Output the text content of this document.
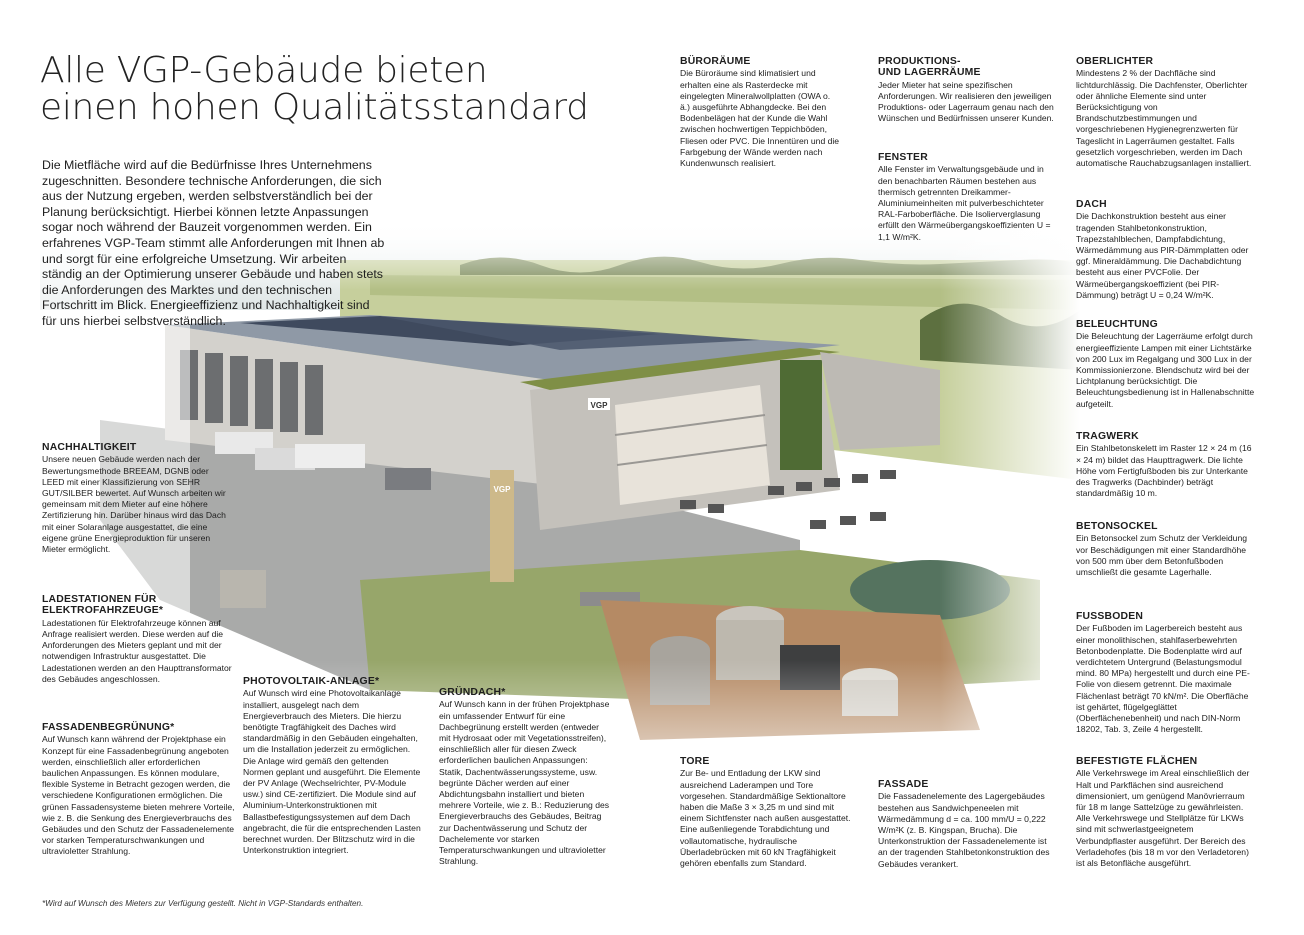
VGP
VGP
Alle VGP-Gebäude bieten
einen hohen Qualitätsstandard

Die Mietfläche wird auf die Bedürfnisse Ihres Unternehmens zugeschnitten. Besondere technische Anforderungen, die sich aus der Nutzung ergeben, werden selbstverständlich bei der Planung berücksichtigt. Hierbei können letzte Anpassungen sogar noch während der Bauzeit vorgenommen werden. Ein erfahrenes VGP-Team stimmt alle Anforderungen mit Ihnen ab und sorgt für eine erfolgreiche Umsetzung. Wir arbeiten ständig an der Optimierung unserer Gebäude und haben stets die Anforderungen des Marktes und den technischen Fortschritt im Blick. Energieeffizienz und Nachhaltigkeit sind für uns hierbei selbstverständlich.

BÜRORÄUME

Die Büroräume sind klimatisiert und erhalten eine als Rasterdecke mit eingelegten Mineralwollplatten (OWA o. ä.) ausgeführte Abhangdecke. Bei den Bodenbelägen hat der Kunde die Wahl zwischen hochwertigen Teppichböden, Fliesen oder PVC. Die Innentüren und die Farbgebung der Wände werden nach Kundenwunsch realisiert.

PRODUKTIONS-
UND LAGERRÄUME

Jeder Mieter hat seine spezifischen Anforderungen. Wir realisieren den jeweiligen Produktions- oder Lagerraum genau nach den Wünschen und Bedürfnissen unserer Kunden.

FENSTER

Alle Fenster im Verwaltungsgebäude und in den benachbarten Räumen bestehen aus thermisch getrennten Dreikammer- Aluminiumeinheiten mit pulverbeschichteter RAL-Farboberfläche. Die Isolierverglasung erfüllt den Wärmeübergangskoeffizienten U = 1,1 W/m²K.

OBERLICHTER

Mindestens 2 % der Dachfläche sind lichtdurchlässig. Die Dachfenster, Oberlichter oder ähnliche Elemente sind unter Berücksichtigung von Brandschutzbestimmungen und vorgeschriebenen Hygienegrenzwerten für Tageslicht in Lagerräumen gestaltet. Falls gesetzlich vorgeschrieben, werden im Dach automatische Rauchabzugsanlagen installiert.

DACH

Die Dachkonstruktion besteht aus einer tragenden Stahlbetonkonstruktion, Trapezstahlblechen, Dampfabdichtung, Wärmedämmung aus PIR-Dämmplatten oder ggf. Mineraldämmung. Die Dachabdichtung besteht aus einer PVCFolie. Der Wärmeübergangskoeffizient (bei PIR-Dämmung) beträgt U = 0,24 W/m²K.

BELEUCHTUNG

Die Beleuchtung der Lagerräume erfolgt durch energieeffiziente Lampen mit einer Lichtstärke von 200 Lux im Regalgang und 300 Lux in der Kommissionierzone. Blendschutz wird bei der Lichtplanung berücksichtigt. Die Beleuchtungsbedienung ist in Hallenabschnitte aufgeteilt.

TRAGWERK

Ein Stahlbetonskelett im Raster 12 × 24 m (16 × 24 m) bildet das Haupttragwerk. Die lichte Höhe vom Fertigfußboden bis zur Unterkante des Tragwerks (Dachbinder) beträgt standardmäßig 10 m.

BETONSOCKEL

Ein Betonsockel zum Schutz der Verkleidung vor Beschädigungen mit einer Standardhöhe von 500 mm über dem Betonfußboden umschließt die gesamte Lagerhalle.

FUSSBODEN

Der Fußboden im Lagerbereich besteht aus einer monolithischen, stahlfaserbewehrten Betonbodenplatte. Die Bodenplatte wird auf verdichtetem Untergrund (Belastungsmodul mind. 80 MPa) hergestellt und durch eine PE-Folie von diesem getrennt. Die maximale Flächenlast beträgt 70 kN/m². Die Oberfläche ist gehärtet, flügelgeglättet (Oberflächenebenheit) und nach DIN-Norm 18202, Tab. 3, Zeile 4 hergestellt.

BEFESTIGTE FLÄCHEN

Alle Verkehrswege im Areal einschließlich der Halt und Parkflächen sind ausreichend dimensioniert, um genügend Manövrierraum für 18 m lange Sattelzüge zu gewährleisten. Alle Verkehrswege und Stellplätze für LKWs sind mit schwerlastgeeignetem Verbundpflaster ausgeführt. Der Bereich des Verladehofes (bis 18 m vor den Verladetoren) ist als Betonfläche ausgeführt.

NACHHALTIGKEIT

Unsere neuen Gebäude werden nach der Bewertungsmethode BREEAM, DGNB oder LEED mit einer Klassifizierung von SEHR GUT/SILBER bewertet. Auf Wunsch arbeiten wir gemeinsam mit dem Mieter auf eine höhere Zertifizierung hin. Darüber hinaus wird das Dach mit einer Solaranlage ausgestattet, die eine eigene grüne Energieproduktion für unseren Mieter ermöglicht.

LADESTATIONEN FÜR
ELEKTROFAHRZEUGE*

Ladestationen für Elektrofahrzeuge können auf Anfrage realisiert werden. Diese werden auf die Anforderungen des Mieters geplant und mit der notwendigen Infrastruktur ausgestattet. Die Ladestationen werden an den Haupttransformator des Gebäudes angeschlossen.

FASSADENBEGRÜNUNG*

Auf Wunsch kann während der Projektphase ein Konzept für eine Fassadenbegrünung angeboten werden, einschließlich aller erforderlichen baulichen Anpassungen. Es können modulare, flexible Systeme in Betracht gezogen werden, die verschiedene Konfigurationen ermöglichen. Die grünen Fassadensysteme bieten mehrere Vorteile, wie z. B. die Senkung des Energieverbrauchs des Gebäudes und den Schutz der Fassadenelemente vor starken Temperaturschwankungen und ultravioletter Strahlung.

PHOTOVOLTAIK-ANLAGE*

Auf Wunsch wird eine Photovoltaikanlage installiert, ausgelegt nach dem Energieverbrauch des Mieters. Die hierzu benötigte Tragfähigkeit des Daches wird standardmäßig in den Gebäuden eingehalten, um die Installation jederzeit zu ermöglichen. Die Anlage wird gemäß den geltenden Normen geplant und ausgeführt. Die Elemente der PV Anlage (Wechselrichter, PV-Module usw.) sind CE-zertifiziert. Die Module sind auf Aluminium-Unterkonstruktionen mit Ballastbefestigungssystemen auf dem Dach angebracht, die für die entsprechenden Lasten berechnet wurden. Der Blitzschutz wird in die Unterkonstruktion integriert.

GRÜNDACH*

Auf Wunsch kann in der frühen Projektphase ein umfassender Entwurf für eine Dachbegrünung erstellt werden (entweder mit Hydrosaat oder mit Vegetationsstreifen), einschließlich aller für diesen Zweck erforderlichen baulichen Anpassungen: Statik, Dachentwässerungssysteme, usw. begrünte Dächer werden auf einer Abdichtungsbahn installiert und bieten mehrere Vorteile, wie z. B.: Reduzierung des Energieverbrauchs des Gebäudes, Beitrag zur Dachentwässerung und Schutz der Dachelemente vor starken Temperaturschwankungen und ultravioletter Strahlung.

TORE

Zur Be- und Entladung der LKW sind ausreichend Laderampen und Tore vorgesehen. Standardmäßige Sektionaltore haben die Maße 3 × 3,25 m und sind mit einem Sichtfenster nach außen ausgestattet. Eine außenliegende Torabdichtung und vollautomatische, hydraulische Überladebrücken mit 60 kN Tragfähigkeit gehören ebenfalls zum Standard.

FASSADE

Die Fassadenelemente des Lagergebäudes bestehen aus Sandwichpeneelen mit Wärmedämmung d = ca. 100 mm/U = 0,222 W/m²K (z. B. Kingspan, Brucha). Die Unterkonstruktion der Fassadenelemente ist an der tragenden Stahlbetonkonstruktion des Gebäudes verankert.

*Wird auf Wunsch des Mieters zur Verfügung gestellt. Nicht in VGP-Standards enthalten.
